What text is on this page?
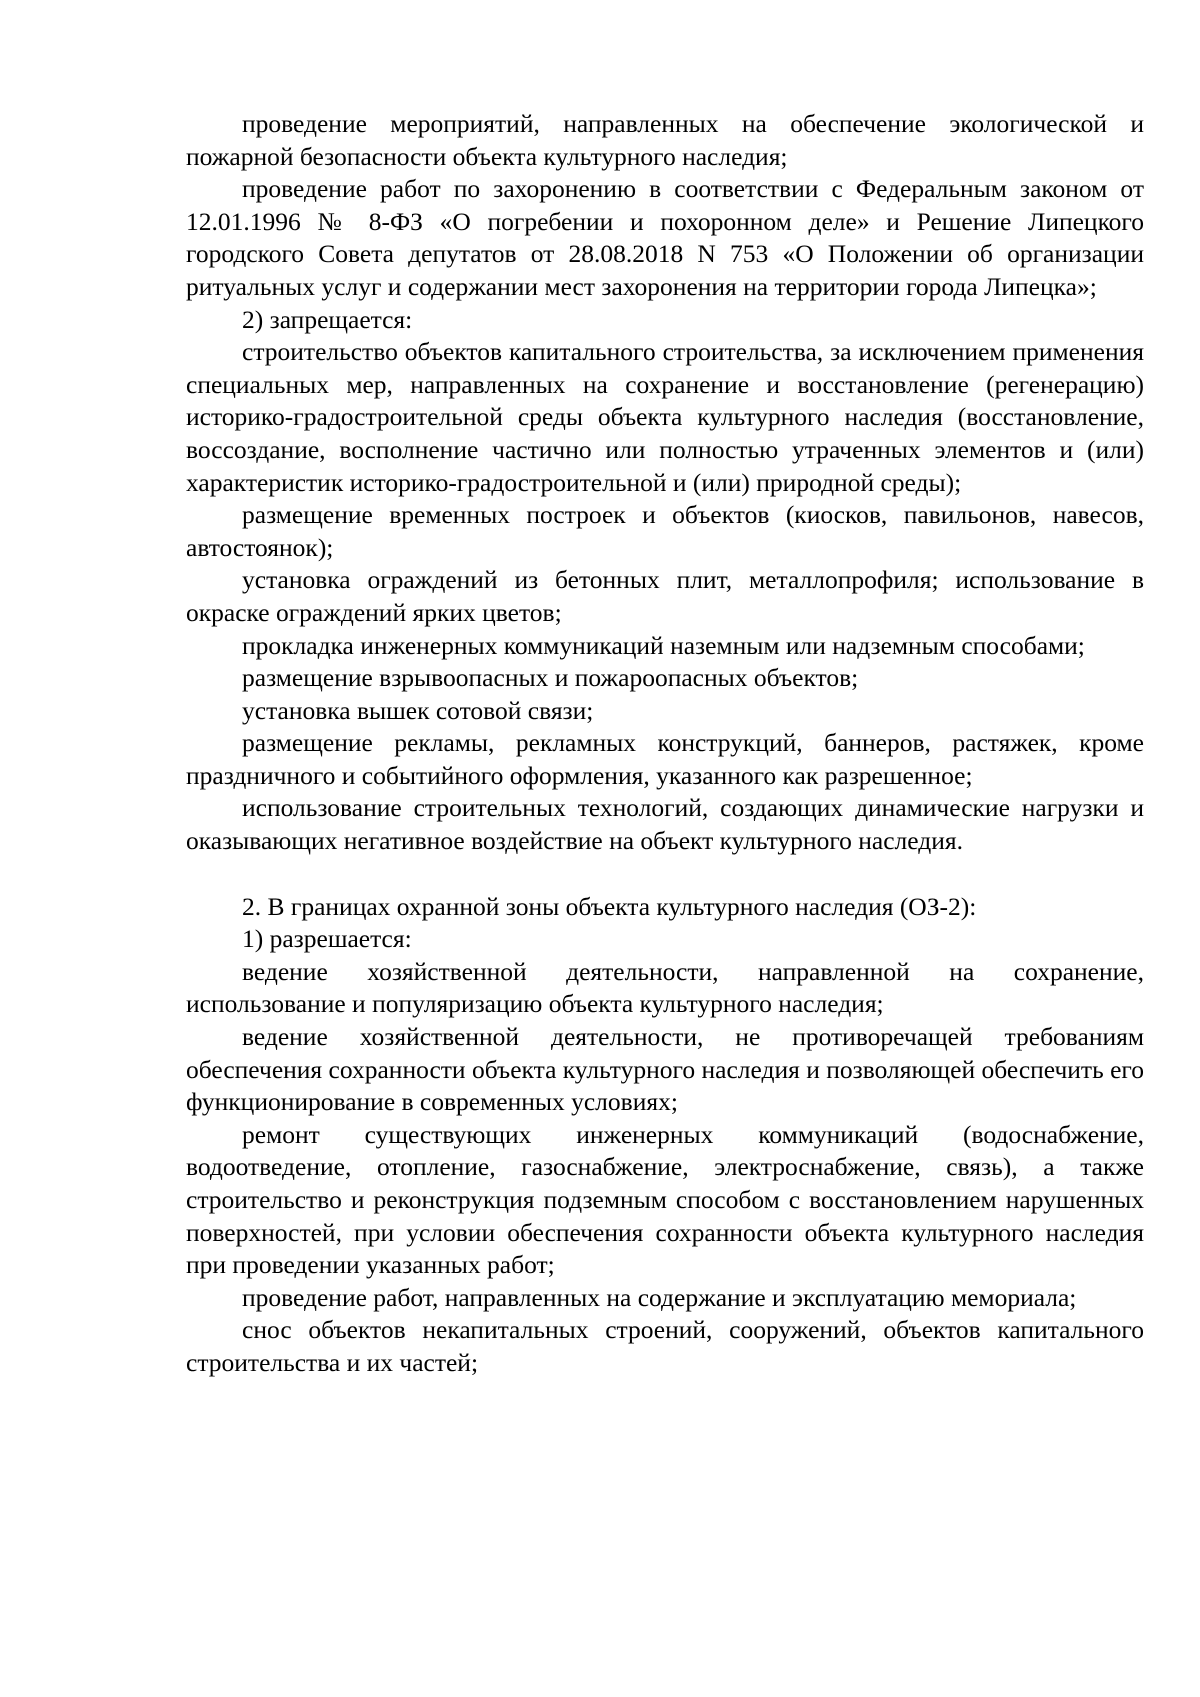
проведение мероприятий, направленных на обеспечение экологической и пожарной безопасности объекта культурного наследия;

проведение работ по захоронению в соответствии с Федеральным законом от 12.01.1996 № 8-ФЗ «О погребении и похоронном деле» и Решение Липецкого городского Совета депутатов от 28.08.2018 N 753 «О Положении об организации ритуальных услуг и содержании мест захоронения на территории города Липецка»;

2) запрещается:

строительство объектов капитального строительства, за исключением применения специальных мер, направленных на сохранение и восстановление (регенерацию) историко-градостроительной среды объекта культурного наследия (восстановление, воссоздание, восполнение частично или полностью утраченных элементов и (или) характеристик историко-градостроительной и (или) природной среды);

размещение временных построек и объектов (киосков, павильонов, навесов, автостоянок);

установка ограждений из бетонных плит, металлопрофиля; использование в окраске ограждений ярких цветов;

прокладка инженерных коммуникаций наземным или надземным способами;

размещение взрывоопасных и пожароопасных объектов;

установка вышек сотовой связи;

размещение рекламы, рекламных конструкций, баннеров, растяжек, кроме праздничного и событийного оформления, указанного как разрешенное;

использование строительных технологий, создающих динамические нагрузки и оказывающих негативное воздействие на объект культурного наследия.

2. В границах охранной зоны объекта культурного наследия (ОЗ-2):

1) разрешается:

ведение хозяйственной деятельности, направленной на сохранение, использование и популяризацию объекта культурного наследия;

ведение хозяйственной деятельности, не противоречащей требованиям обеспечения сохранности объекта культурного наследия и позволяющей обеспечить его функционирование в современных условиях;

ремонт существующих инженерных коммуникаций (водоснабжение, водоотведение, отопление, газоснабжение, электроснабжение, связь), а также строительство и реконструкция подземным способом с восстановлением нарушенных поверхностей, при условии обеспечения сохранности объекта культурного наследия при проведении указанных работ;

проведение работ, направленных на содержание и эксплуатацию мемориала;

снос объектов некапитальных строений, сооружений, объектов капитального строительства и их частей;
